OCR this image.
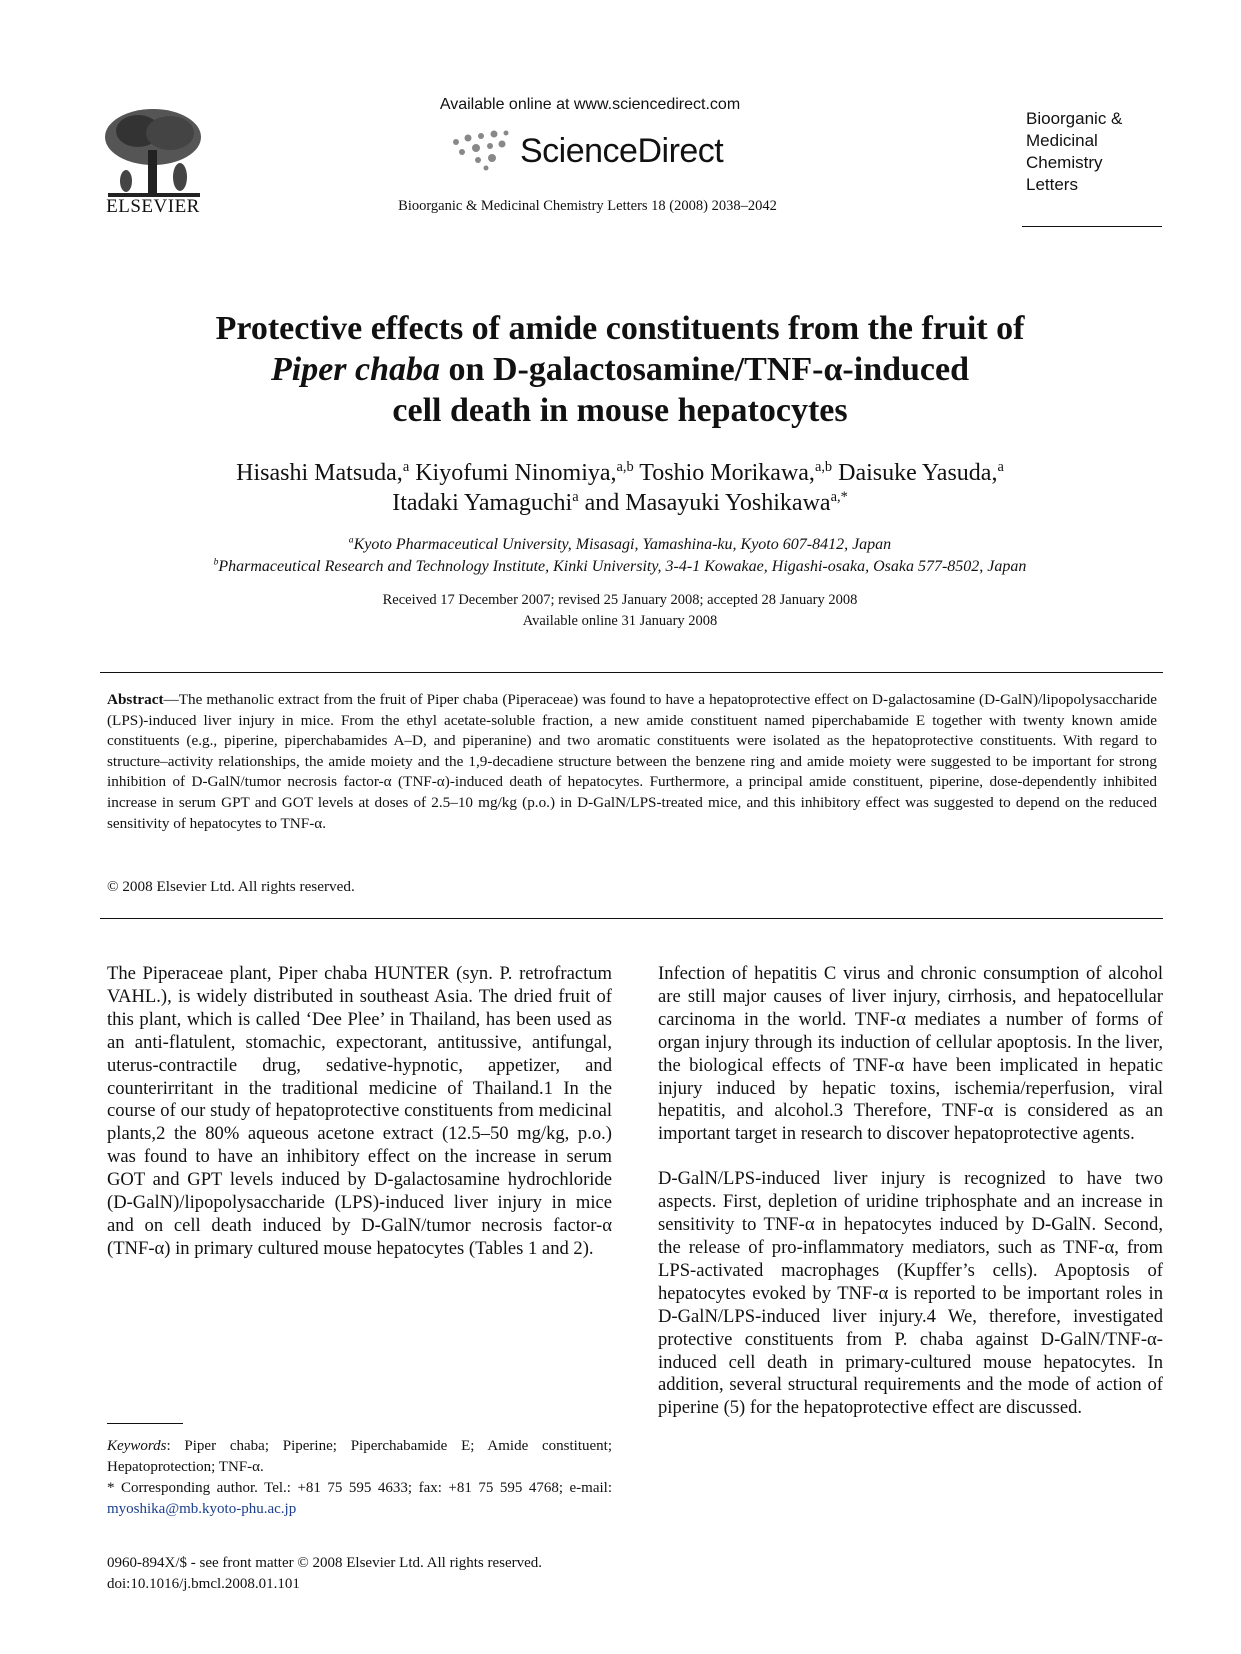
ELSEVIER
Available online at www.sciencedirect.com
ScienceDirect
Bioorganic & Medicinal Chemistry Letters 18 (2008) 2038–2042
Bioorganic &
Medicinal
Chemistry
Letters
Protective effects of amide constituents from the fruit of
Piper chaba on D-galactosamine/TNF-α-induced
cell death in mouse hepatocytes
Hisashi Matsuda,$^a$ Kiyofumi Ninomiya,$^{a,b}$ Toshio Morikawa,$^{a,b}$ Daisuke Yasuda,$^a$
Itadaki Yamaguchi$^a$ and Masayuki Yoshikawa$^{a,*}$
$^a$Kyoto Pharmaceutical University, Misasagi, Yamashina-ku, Kyoto 607-8412, Japan
$^b$Pharmaceutical Research and Technology Institute, Kinki University, 3-4-1 Kowakae, Higashi-osaka, Osaka 577-8502, Japan
Received 17 December 2007; revised 25 January 2008; accepted 28 January 2008
Available online 31 January 2008
Abstract—The methanolic extract from the fruit of Piper chaba (Piperaceae) was found to have a hepatoprotective effect on D-galactosamine (D-GalN)/lipopolysaccharide (LPS)-induced liver injury in mice. From the ethyl acetate-soluble fraction, a new amide constituent named piperchabamide E together with twenty known amide constituents (e.g., piperine, piperchabamides A–D, and piperanine) and two aromatic constituents were isolated as the hepatoprotective constituents. With regard to structure–activity relationships, the amide moiety and the 1,9-decadiene structure between the benzene ring and amide moiety were suggested to be important for strong inhibition of D-GalN/tumor necrosis factor-α (TNF-α)-induced death of hepatocytes. Furthermore, a principal amide constituent, piperine, dose-dependently inhibited increase in serum GPT and GOT levels at doses of 2.5–10 mg/kg (p.o.) in D-GalN/LPS-treated mice, and this inhibitory effect was suggested to depend on the reduced sensitivity of hepatocytes to TNF-α.
© 2008 Elsevier Ltd. All rights reserved.

The Piperaceae plant, Piper chaba HUNTER (syn. P. retrofractum VAHL.), is widely distributed in southeast Asia. The dried fruit of this plant, which is called ‘Dee Plee’ in Thailand, has been used as an anti-flatulent, stomachic, expectorant, antitussive, antifungal, uterus-contractile drug, sedative-hypnotic, appetizer, and counterirritant in the traditional medicine of Thailand.1 In the course of our study of hepatoprotective constituents from medicinal plants,2 the 80% aqueous acetone extract (12.5–50 mg/kg, p.o.) was found to have an inhibitory effect on the increase in serum GOT and GPT levels induced by D-galactosamine hydrochloride (D-GalN)/lipopolysaccharide (LPS)-induced liver injury in mice and on cell death induced by D-GalN/tumor necrosis factor-α (TNF-α) in primary cultured mouse hepatocytes (Tables 1 and 2).

Infection of hepatitis C virus and chronic consumption of alcohol are still major causes of liver injury, cirrhosis, and hepatocellular carcinoma in the world. TNF-α mediates a number of forms of organ injury through its induction of cellular apoptosis. In the liver, the biological effects of TNF-α have been implicated in hepatic injury induced by hepatic toxins, ischemia/reperfusion, viral hepatitis, and alcohol.3 Therefore, TNF-α is considered as an important target in research to discover hepatoprotective agents.

D-GalN/LPS-induced liver injury is recognized to have two aspects. First, depletion of uridine triphosphate and an increase in sensitivity to TNF-α in hepatocytes induced by D-GalN. Second, the release of pro-inflammatory mediators, such as TNF-α, from LPS-activated macrophages (Kupffer’s cells). Apoptosis of hepatocytes evoked by TNF-α is reported to be important roles in D-GalN/LPS-induced liver injury.4 We, therefore, investigated protective constituents from P. chaba against D-GalN/TNF-α-induced cell death in primary-cultured mouse hepatocytes. In addition, several structural requirements and the mode of action of piperine (5) for the hepatoprotective effect are discussed.

Keywords: Piper chaba; Piperine; Piperchabamide E; Amide constituent; Hepatoprotection; TNF-α.
* Corresponding author. Tel.: +81 75 595 4633; fax: +81 75 595 4768; e-mail: myoshika@mb.kyoto-phu.ac.jp
0960-894X/$ - see front matter © 2008 Elsevier Ltd. All rights reserved.
doi:10.1016/j.bmcl.2008.01.101
